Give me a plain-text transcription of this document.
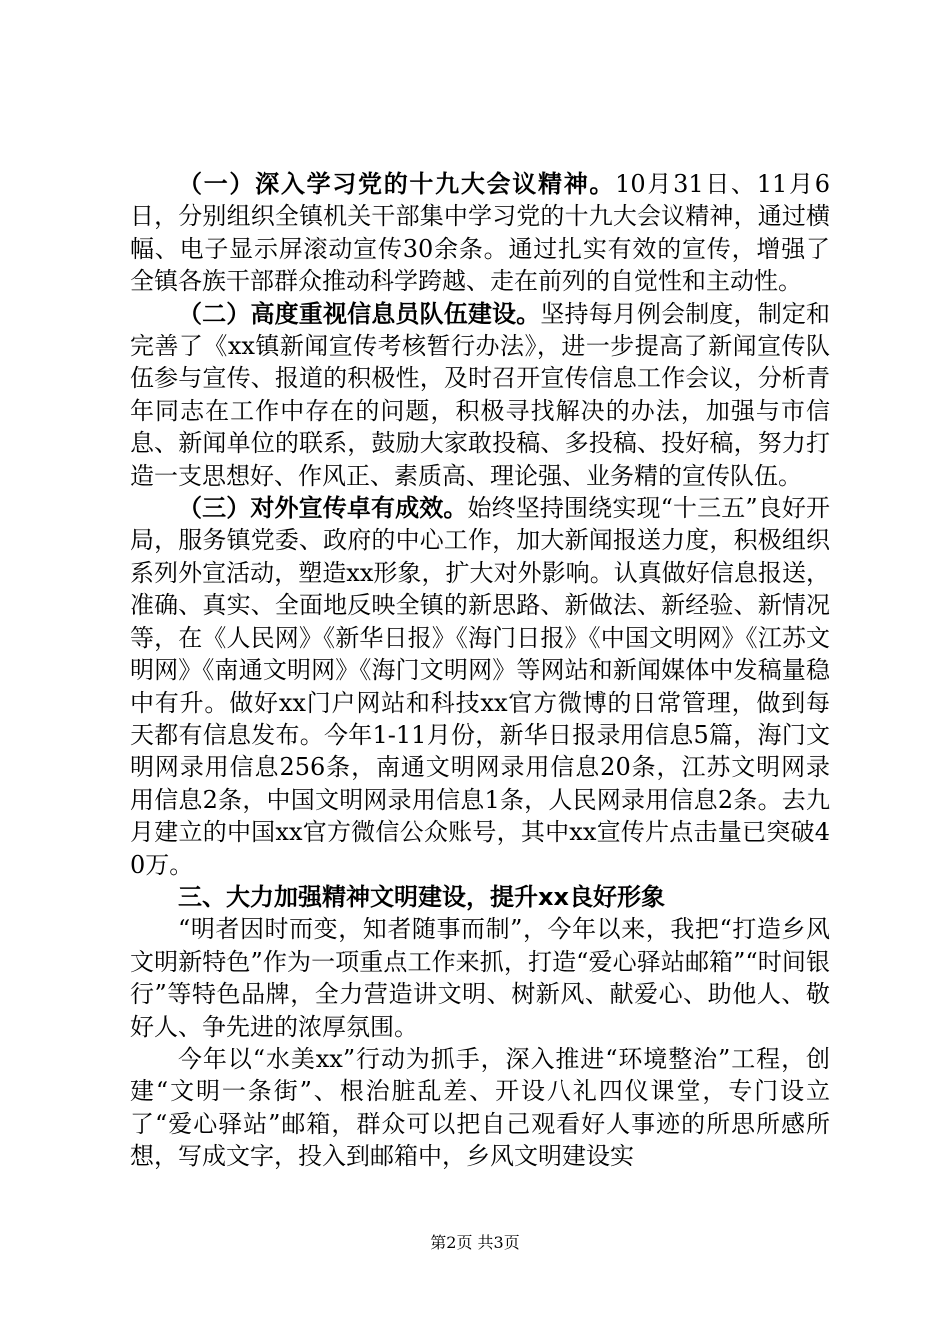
（一）深入学习党的十九大会议精神。10月31日、11月6日，分别组织全镇机关干部集中学习党的十九大会议精神，通过横幅、电子显示屏滚动宣传30余条。通过扎实有效的宣传，增强了全镇各族干部群众推动科学跨越、走在前列的自觉性和主动性。

（二）高度重视信息员队伍建设。坚持每月例会制度，制定和完善了《xx镇新闻宣传考核暂行办法》，进一步提高了新闻宣传队伍参与宣传、报道的积极性，及时召开宣传信息工作会议，分析青年同志在工作中存在的问题，积极寻找解决的办法，加强与市信息、新闻单位的联系，鼓励大家敢投稿、多投稿、投好稿，努力打造一支思想好、作风正、素质高、理论强、业务精的宣传队伍。

（三）对外宣传卓有成效。始终坚持围绕实现“十三五”良好开局，服务镇党委、政府的中心工作，加大新闻报送力度，积极组织系列外宣活动，塑造xx形象，扩大对外影响。认真做好信息报送，准确、真实、全面地反映全镇的新思路、新做法、新经验、新情况等，在《人民网》《新华日报》《海门日报》《中国文明网》《江苏文明网》《南通文明网》《海门文明网》等网站和新闻媒体中发稿量稳中有升。做好xx门户网站和科技xx官方微博的日常管理，做到每天都有信息发布。今年1-11月份，新华日报录用信息5篇，海门文明网录用信息256条，南通文明网录用信息20条，江苏文明网录用信息2条，中国文明网录用信息1条，人民网录用信息2条。去九月建立的中国xx官方微信公众账号，其中xx宣传片点击量已突破40万。

三、大力加强精神文明建设，提升xx良好形象

“明者因时而变，知者随事而制”，今年以来，我把“打造乡风文明新特色”作为一项重点工作来抓，打造“爱心驿站邮箱”“时间银行”等特色品牌，全力营造讲文明、树新风、献爱心、助他人、敬好人、争先进的浓厚氛围。

今年以“水美xx”行动为抓手，深入推进“环境整治”工程，创建“文明一条街”、根治脏乱差、开设八礼四仪课堂，专门设立了“爱心驿站”邮箱，群众可以把自己观看好人事迹的所思所感所想，写成文字，投入到邮箱中，乡风文明建设实

第2页 共3页
